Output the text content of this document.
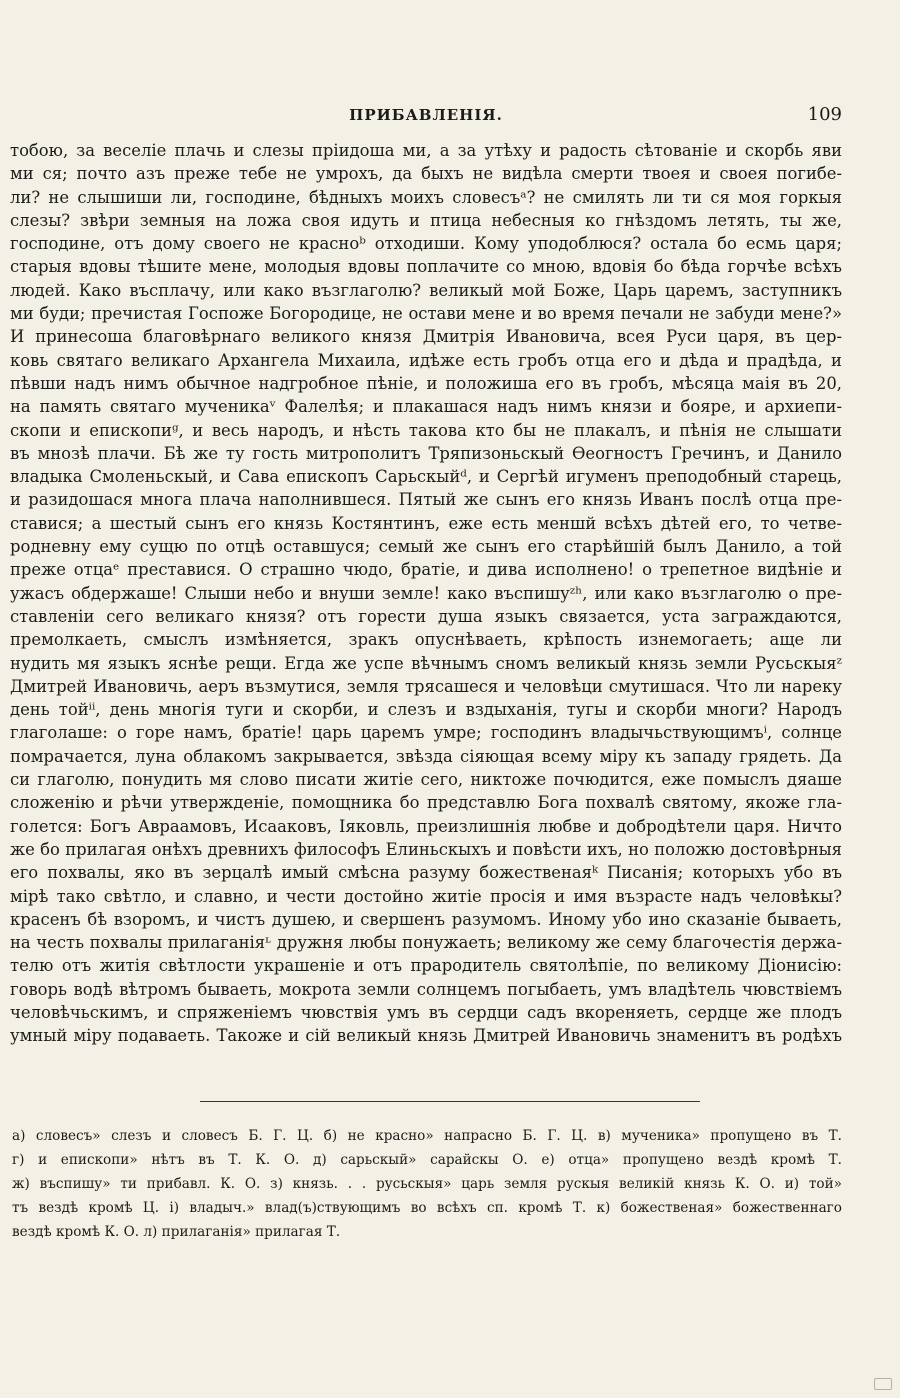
ПРИБАВЛЕНІЯ.	109
тобою, за веселіе плачь и слезы пріидоша ми, а за утѣху и радость сѣтованіе и скорбь яви
ми ся; почто азъ преже тебе не умрохъ, да быхъ не видѣла смерти твоея и своея погибе-
ли? не слышиши ли, господине, бѣдныхъ моихъ словесъᵃ? не смилять ли ти ся моя горкыя
слезы? звѣри земныя на ложа своя идуть и птица небесныя ко гнѣздомъ летять, ты же,
господине, отъ дому своего не красноᵇ отходиши. Кому уподоблюся? остала бо есмь царя;
старыя вдовы тѣшите мене, молодыя вдовы поплачите со мною, вдовія бо бѣда горчѣе всѣхъ
людей. Како въсплачу, или како възглаголю? великый мой Боже, Царь царемъ, заступникъ
ми буди; пречистая Госпоже Богородице, не остави мене и во время печали не забуди мене?»
И принесоша благовѣрнаго великого князя Дмитрія Ивановича, всея Руси царя, въ цер-
ковь святаго великаго Архангела Михаила, идѣже есть гробъ отца его и дѣда и прадѣда, и
пѣвши надъ нимъ обычное надгробное пѣніе, и положиша его въ гробъ, мѣсяца маія въ 20,
на память святаго мученикаᵛ Фалелѣя; и плакашася надъ нимъ князи и бояре, и архиепи-
скопи и епископиᵍ, и весь народъ, и нѣсть такова кто бы не плакалъ, и пѣнія не слышати
въ мнозѣ плачи. Бѣ же ту гость митрополитъ Тряпизоньскый Ѳеогностъ Гречинъ, и Данило
владыка Смоленьскый, и Сава епископъ Сарьскыйᵈ, и Сергѣй игуменъ преподобный старець,
и разидошася многа плача наполнившеся. Пятый же сынъ его князь Иванъ послѣ отца пре-
ставися; а шестый сынъ его князь Костянтинъ, еже есть меншй всѣхъ дѣтей его, то четве-
родневну ему сущю по отцѣ оставшуся; семый же сынъ его старѣйшій былъ Данило, а той
преже отцаᵉ преставися. О страшно чюдо, братіе, и дива исполнено! о трепетное видѣніе и
ужасъ обдержаше! Слыши небо и внуши земле! како въспишуᶻʰ, или како възглаголю о пре-
ставленіи сего великаго князя? отъ горести душа языкъ связается, уста заграждаются,
премолкаеть, смыслъ измѣняется, зракъ опуснѣваеть, крѣпость изнемогаеть; аще ли
нудить мя языкъ яснѣе рещи. Егда же успе вѣчнымъ сномъ великый князь земли Русьскыяᶻ
Дмитрей Ивановичь, аеръ възмутися, земля трясашеся и человѣци смутишася. Что ли нареку
день тойⁱⁱ, день многія туги и скорби, и слезъ и вздыханія, тугы и скорби многи? Народъ
глаголаше: о горе намъ, братіе! царь царемъ умре; господинъ владычьствующимъⁱ, солнце
помрачается, луна облакомъ закрывается, звѣзда сіяющая всему міру къ западу грядеть. Да
си глаголю, понудить мя слово писати житіе сего, никтоже почюдится, еже помыслъ дяаше
сложенію и рѣчи утвержденіе, помощника бо представлю Бога похвалѣ святому, якоже гла-
голется: Богъ Авраамовъ, Исааковъ, Іяковль, преизлишнія любве и добродѣтели царя. Ничто
же бо прилагая онѣхъ древнихъ философъ Елиньскыхъ и повѣсти ихъ, но положю достовѣрныя
его похвалы, яко въ зерцалѣ имый смѣсна разуму божественаяᵏ Писанія; которыхъ убо въ
мірѣ тако свѣтло, и славно, и чести достойно житіе просія и имя възрасте надъ человѣкы?
красенъ бѣ взоромъ, и чистъ душею, и свершенъ разумомъ. Иному убо ино сказаніе бываеть,
на честь похвалы прилаганіяᶫ дружня любы понужаеть; великому же сему благочестія держа-
телю отъ житія свѣтлости украшеніе и отъ прародитель святолѣпіе, по великому Діонисію:
говорь водѣ вѣтромъ бываеть, мокрота земли солнцемъ погыбаеть, умъ владѣтель чювствіемъ
человѣчьскимъ, и спряженіемъ чювствія умъ въ сердци садъ вкореняеть, сердце же плодъ
умный міру подаваеть. Такоже и сій великый князь Дмитрей Ивановичь знаменитъ въ родѣхъ
а) словесъ» слезъ и словесъ Б. Г. Ц. б) не красно» напрасно Б. Г. Ц. в) мученика» пропущено въ Т.
г) и епископи» нѣтъ въ Т. К. О. д) сарьскый» сарайскы О. е) отца» пропущено вездѣ кромѣ Т.
ж) въспишу» ти прибавл. К. О. з) князь. . . русьскыя» царь земля рускыя великій князь К. О. и) той»
тъ вездѣ кромѣ Ц. і) владыч.» влад(ъ)ствующимъ во всѣхъ сп. кромѣ Т. к) божественая» божественнаго
вездѣ кромѣ К. О. л) прилаганія» прилагая Т.
